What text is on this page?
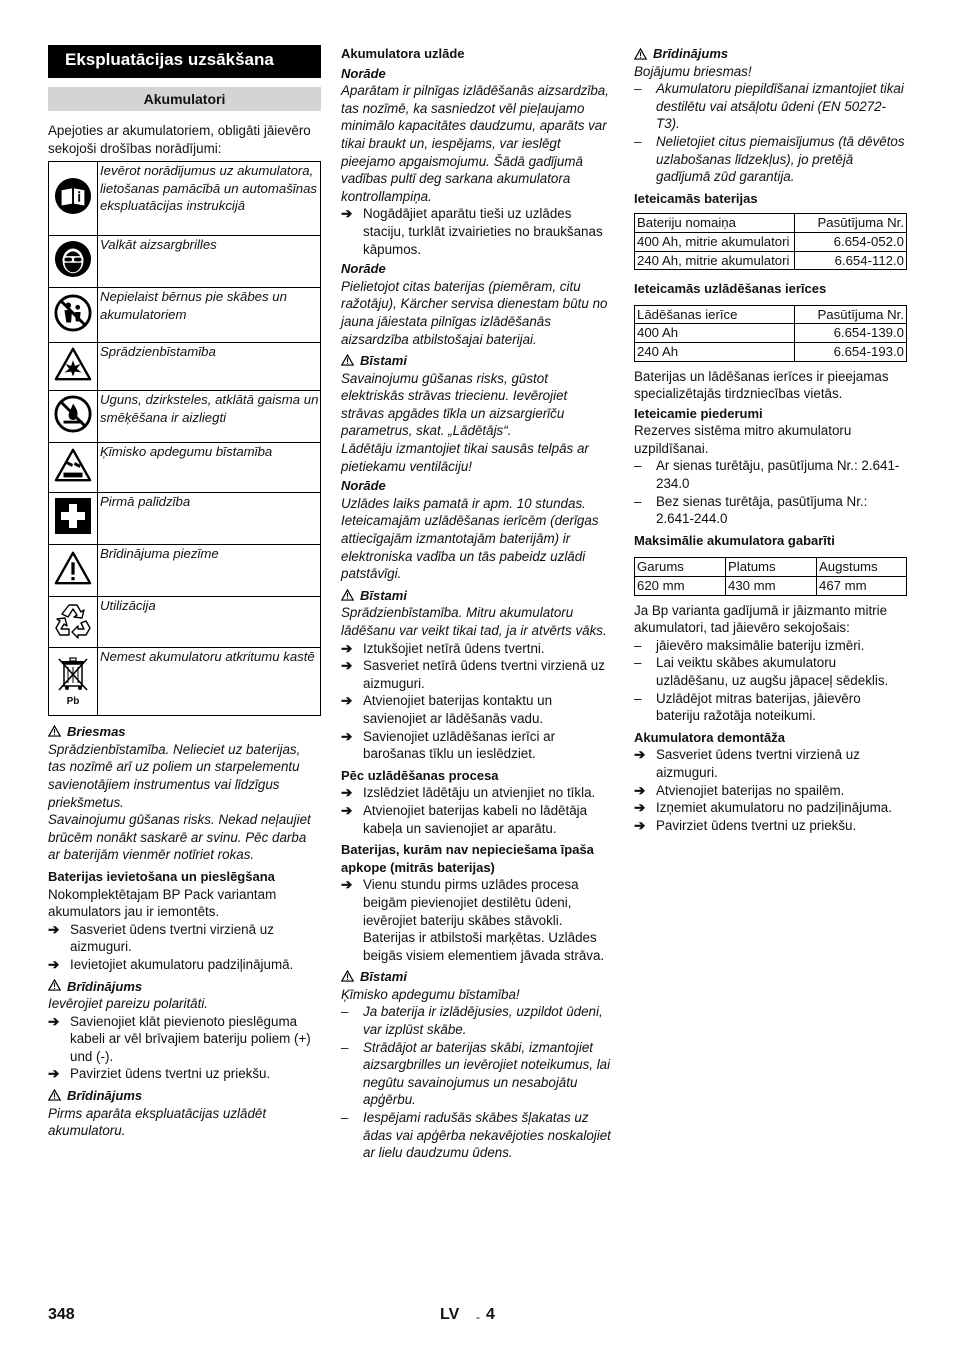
Ekspluatācijas uzsākšana
Akumulatori

Apejoties ar akumulatoriem, obligāti jāievēro sekojoši drošības norādījumi:

	Ievērot norādījumus uz akumulatora, lietošanas pamācībā un automašīnas ekspluatācijas instrukcijā
	Valkāt aizsargbrilles
	Nepielaist bērnus pie skābes un akumulatoriem
	Sprādzienbīstamība
	Uguns, dzirksteles, atklātā gaisma un smēķēšana ir aizliegti
	Ķīmisko apdegumu bīstamība
	Pirmā palīdzība
	Brīdinājuma piezīme
	Utilizācija

Pb	Nemest akumulatoru atkritumu kastē
Briesmas

Sprādzienbīstamība. Nelieciet uz baterijas, tas nozīmē arī uz poliem un starpelementu savienotājiem instrumentus vai līdzīgus priekšmetus.

Savainojumu gūšanas risks. Nekad neļaujiet brūcēm nonākt saskarē ar svinu. Pēc darba ar baterijām vienmēr notīriet rokas.

Baterijas ievietošana un pieslēgšana

Nokomplektētajam BP Pack variantam akumulators jau ir iemontēts.

➔ Sasveriet ūdens tvertni virzienā uz aizmuguri.
➔ Ievietojiet akumulatoru padziļinājumā.
Brīdinājums

Ievērojiet pareizu polaritāti.

➔ Savienojiet klāt pievienoto pieslēguma kabeli ar vēl brīvajiem bateriju poliem (+) und (-).
➔ Pavirziet ūdens tvertni uz priekšu.
Brīdinājums

Pirms aparāta ekspluatācijas uzlādēt akumulatoru.

Akumulatora uzlāde

Norāde

Aparātam ir pilnīgas izlādēšanās aizsardzība, tas nozīmē, ka sasniedzot vēl pieļaujamo minimālo kapacitātes daudzumu, aparāts var tikai braukt un, iespējams, var ieslēgt pieejamo apgaismojumu. Šādā gadījumā vadības pultī deg sarkana akumulatora kontrollampiņa.

➔ Nogādājiet aparātu tieši uz uzlādes staciju, turklāt izvairieties no braukšanas kāpumos.

Norāde

Pielietojot citas baterijas (piemēram, citu ražotāju), Kärcher servisa dienestam būtu no jauna jāiestata pilnīgas izlādēšanās aizsardzība atbilstošajai baterijai.

Bīstami

Savainojumu gūšanas risks, gūstot elektriskās strāvas triecienu. Ievērojiet strāvas apgādes tīkla un aizsargierīču parametrus, skat. „Lādētājs“.

Lādētāju izmantojiet tikai sausās telpās ar pietiekamu ventilāciju!

Norāde

Uzlādes laiks pamatā ir apm. 10 stundas. Ieteicamajām uzlādēšanas ierīcēm (derīgas attiecīgajām izmantotajām baterijām) ir elektroniska vadība un tās pabeidz uzlādi patstāvīgi.

Bīstami

Sprādzienbīstamība. Mitru akumulatoru lādēšanu var veikt tikai tad, ja ir atvērts vāks.

➔ Iztukšojiet netīrā ūdens tvertni.
➔ Sasveriet netīrā ūdens tvertni virzienā uz aizmuguri.
➔ Atvienojiet baterijas kontaktu un savienojiet ar lādēšanās vadu.
➔ Savienojiet uzlādēšanas ierīci ar barošanas tīklu un ieslēdziet.

Pēc uzlādēšanas procesa

➔ Izslēdziet lādētāju un atvienjiet no tīkla.
➔ Atvienojiet baterijas kabeli no lādētāja kabeļa un savienojiet ar aparātu.

Baterijas, kurām nav nepieciešama īpaša apkope (mitrās baterijas)

➔ Vienu stundu pirms uzlādes procesa beigām pievienojiet destilētu ūdeni, ievērojiet bateriju skābes stāvokli. Baterijas ir atbilstoši marķētas. Uzlādes beigās visiem elementiem jāvada strāva.
Bīstami

Ķīmisko apdegumu bīstamība!

–	Ja baterija ir izlādējusies, uzpildot ūdeni, var izplūst skābe.
–	Strādājot ar baterijas skābi, izmantojiet aizsargbrilles un ievērojiet noteikumus, lai negūtu savainojumus un nesabojātu apģērbu.
–	Iespējami radušās skābes šļakatas uz ādas vai apģērba nekavējoties noskalojiet ar lielu daudzumu ūdens.
Brīdinājums

Bojājumu briesmas!

–	Akumulatoru piepildīšanai izmantojiet tikai destilētu vai atsāļotu ūdeni (EN 50272-T3).
–	Nelietojiet citus piemaisījumus (tā dēvētos uzlabošanas līdzekļus), jo pretējā gadījumā zūd garantija.

Ieteicamās baterijas

Bateriju nomaiņa	Pasūtījuma Nr.
400 Ah, mitrie akumulatori	6.654-052.0
240 Ah, mitrie akumulatori	6.654-112.0

Ieteicamās uzlādēšanas ierīces

Lādēšanas ierīce	Pasūtījuma Nr.
400 Ah	6.654-139.0
240 Ah	6.654-193.0

Baterijas un lādēšanas ierīces ir pieejamas specializētajās tirdzniecības vietās.

Ieteicamie piederumi

Rezerves sistēma mitro akumulatoru uzpildīšanai.

–	Ar sienas turētāju, pasūtījuma Nr.: 2.641-234.0
–	Bez sienas turētāja, pasūtījuma Nr.: 2.641-244.0

Maksimālie akumulatora gabarīti

Garums	Platums	Augstums
620 mm	430 mm	467 mm

Ja Bp varianta gadījumā ir jāizmanto mitrie akumulatori, tad jāievēro sekojošais:

–	jāievēro maksimālie bateriju izmēri.
–	Lai veiktu skābes akumulatoru uzlādēšanu, uz augšu jāpaceļ sēdeklis.
–	Uzlādējot mitras baterijas, jāievēro bateriju ražotāja noteikumi.

Akumulatora demontāža

➔ Sasveriet ūdens tvertni virzienā uz aizmuguri.
➔ Atvienojiet baterijas no spailēm.
➔ Izņemiet akumulatoru no padziļinājuma.
➔ Pavirziet ūdens tvertni uz priekšu.
348	LV - 4
